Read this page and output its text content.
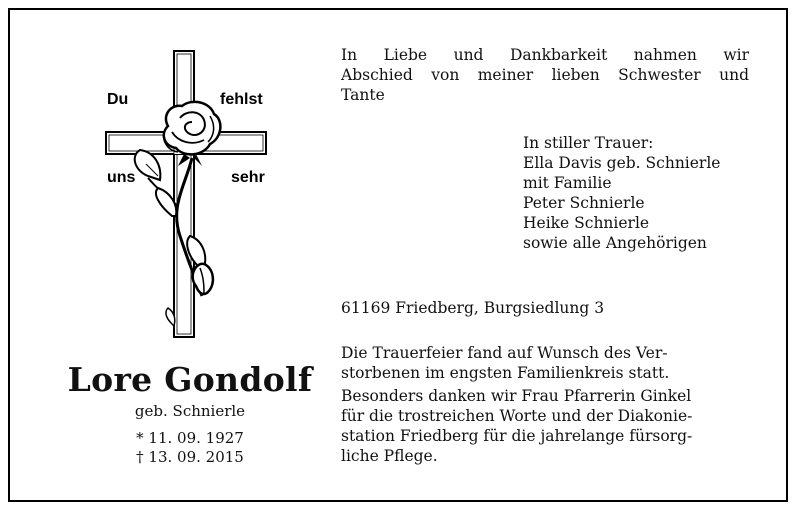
Du	fehlst
uns	sehr
Lore Gondolf
geb. Schnierle
* 11. 09. 1927
† 13. 09. 2015
In Liebe und Dankbarkeit nahmen wir
Abschied von meiner lieben Schwester und
Tante
In stiller Trauer:
Ella Davis geb. Schnierle
mit Familie
Peter Schnierle
Heike Schnierle
sowie alle Angehörigen
61169 Friedberg, Burgsiedlung 3
Die Trauerfeier fand auf Wunsch des Ver-
storbenen im engsten Familienkreis statt.
Besonders danken wir Frau Pfarrerin Ginkel
für die trostreichen Worte und der Diakonie-
station Friedberg für die jahrelange fürsorg-
liche Pflege.
